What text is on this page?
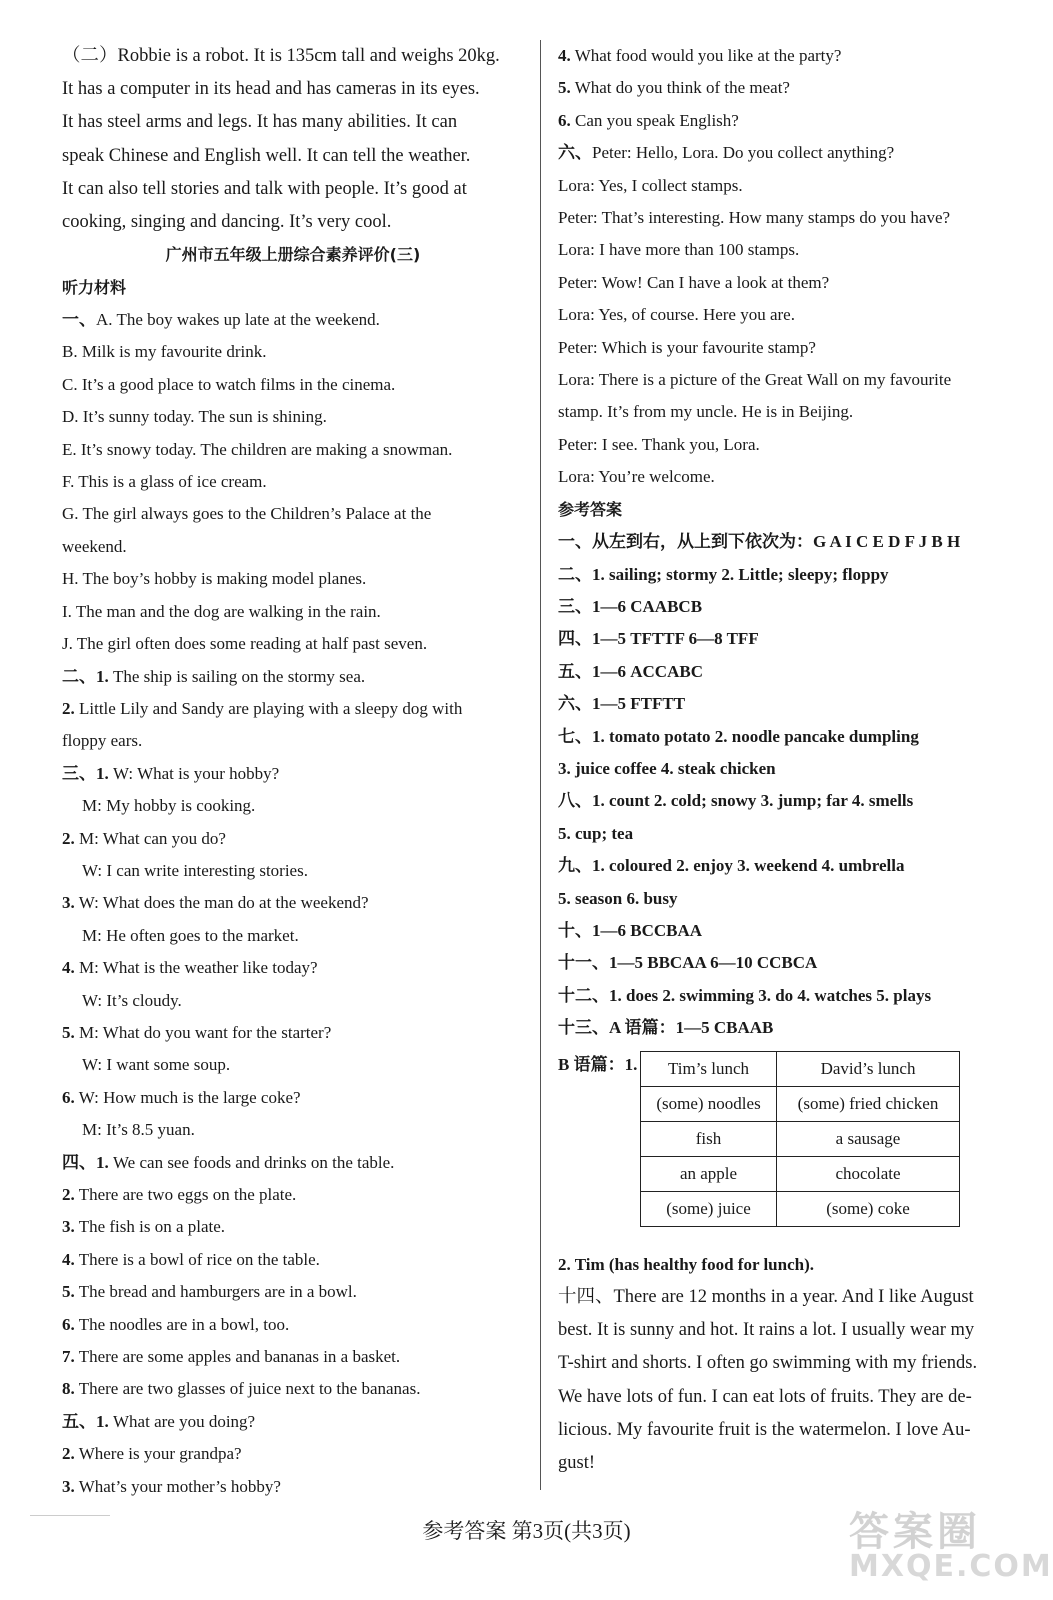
（二）Robbie is a robot. It is 135cm tall and weighs 20kg.
It has a computer in its head and has cameras in its eyes.
It has steel arms and legs. It has many abilities. It can
speak Chinese and English well. It can tell the weather.
It can also tell stories and talk with people. It’s good at
cooking, singing and dancing. It’s very cool.
广州市五年级上册综合素养评价(三)
听力材料
一、A. The boy wakes up late at the weekend.
B. Milk is my favourite drink.
C. It’s a good place to watch films in the cinema.
D. It’s sunny today. The sun is shining.
E. It’s snowy today. The children are making a snowman.
F. This is a glass of ice cream.
G. The girl always goes to the Children’s Palace at the
weekend.
H. The boy’s hobby is making model planes.
I. The man and the dog are walking in the rain.
J. The girl often does some reading at half past seven.
二、1. The ship is sailing on the stormy sea.
2. Little Lily and Sandy are playing with a sleepy dog with
floppy ears.
三、1. W: What is your hobby?
M: My hobby is cooking.
2. M: What can you do?
W: I can write interesting stories.
3. W: What does the man do at the weekend?
M: He often goes to the market.
4. M: What is the weather like today?
W: It’s cloudy.
5. M: What do you want for the starter?
W: I want some soup.
6. W: How much is the large coke?
M: It’s 8.5 yuan.
四、1. We can see foods and drinks on the table.
2. There are two eggs on the plate.
3. The fish is on a plate.
4. There is a bowl of rice on the table.
5. The bread and hamburgers are in a bowl.
6. The noodles are in a bowl, too.
7. There are some apples and bananas in a basket.
8. There are two glasses of juice next to the bananas.
五、1. What are you doing?
2. Where is your grandpa?
3. What’s your mother’s hobby?
4. What food would you like at the party?
5. What do you think of the meat?
6. Can you speak English?
六、Peter: Hello, Lora. Do you collect anything?
Lora: Yes, I collect stamps.
Peter: That’s interesting. How many stamps do you have?
Lora: I have more than 100 stamps.
Peter: Wow! Can I have a look at them?
Lora: Yes, of course. Here you are.
Peter: Which is your favourite stamp?
Lora: There is a picture of the Great Wall on my favourite
stamp. It’s from my uncle. He is in Beijing.
Peter: I see. Thank you, Lora.
Lora: You’re welcome.
参考答案
一、从左到右，从上到下依次为：G A I C E D F J B H
二、1. sailing; stormy 2. Little; sleepy; floppy
三、1—6 CAABCB
四、1—5 TFTTF 6—8 TFF
五、1—6 ACCABC
六、1—5 FTFTT
七、1. tomato potato 2. noodle pancake dumpling
3. juice coffee 4. steak chicken
八、1. count 2. cold; snowy 3. jump; far 4. smells
5. cup; tea
九、1. coloured 2. enjoy 3. weekend 4. umbrella
5. season 6. busy
十、1—6 BCCBAA
十一、1—5 BBCAA 6—10 CCBCA
十二、1. does 2. swimming 3. do 4. watches 5. plays
十三、A 语篇：1—5 CBAAB
B 语篇：1. Tim’s lunch	David’s lunch
(some) noodles	(some) fried chicken
fish	a sausage
an apple	chocolate
(some) juice	(some) coke
2. Tim (has healthy food for lunch).
十四、There are 12 months in a year. And I like August
best. It is sunny and hot. It rains a lot. I usually wear my
T-shirt and shorts. I often go swimming with my friends.
We have lots of fun. I can eat lots of fruits. They are de-
licious. My favourite fruit is the watermelon. I love Au-
gust!
参考答案 第3页(共3页)	答案圈
MXQE.COM
